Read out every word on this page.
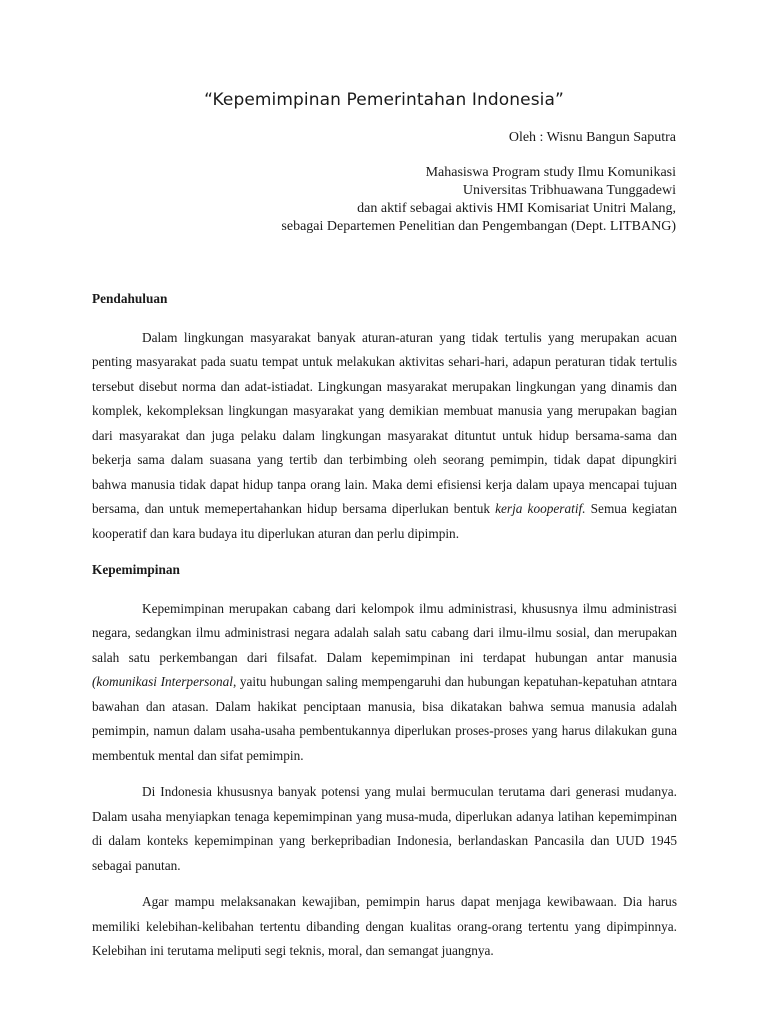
“Kepemimpinan Pemerintahan Indonesia”
Oleh : Wisnu Bangun Saputra
Mahasiswa Program study Ilmu Komunikasi
Universitas Tribhuawana Tunggadewi
dan aktif sebagai aktivis HMI Komisariat Unitri Malang,
sebagai Departemen Penelitian dan Pengembangan (Dept. LITBANG)
Pendahuluan

Dalam lingkungan masyarakat banyak aturan-aturan yang tidak tertulis yang merupakan acuan penting masyarakat pada suatu tempat untuk melakukan aktivitas sehari-hari, adapun peraturan tidak tertulis tersebut disebut norma dan adat-istiadat. Lingkungan masyarakat merupakan lingkungan yang dinamis dan komplek, kekompleksan lingkungan masyarakat yang demikian membuat manusia yang merupakan bagian dari masyarakat dan juga pelaku dalam lingkungan masyarakat dituntut untuk hidup bersama-sama dan bekerja sama dalam suasana yang tertib dan terbimbing oleh seorang pemimpin, tidak dapat dipungkiri bahwa manusia tidak dapat hidup tanpa orang lain. Maka demi efisiensi kerja dalam upaya mencapai tujuan bersama, dan untuk memepertahankan hidup bersama diperlukan bentuk kerja kooperatif. Semua kegiatan kooperatif dan kara budaya itu diperlukan aturan dan perlu dipimpin.

Kepemimpinan

Kepemimpinan merupakan cabang dari kelompok ilmu administrasi, khususnya ilmu administrasi negara, sedangkan ilmu administrasi negara adalah salah satu cabang dari ilmu-ilmu sosial, dan merupakan salah satu perkembangan dari filsafat. Dalam kepemimpinan ini terdapat hubungan antar manusia (komunikasi Interpersonal, yaitu hubungan saling mempengaruhi dan hubungan kepatuhan-kepatuhan atntara bawahan dan atasan. Dalam hakikat penciptaan manusia, bisa dikatakan bahwa semua manusia adalah pemimpin, namun dalam usaha-usaha pembentukannya diperlukan proses-proses yang harus dilakukan guna membentuk mental dan sifat pemimpin.

Di Indonesia khususnya banyak potensi yang mulai bermuculan terutama dari generasi mudanya. Dalam usaha menyiapkan tenaga kepemimpinan yang musa-muda, diperlukan adanya latihan kepemimpinan di dalam konteks kepemimpinan yang berkepribadian Indonesia, berlandaskan Pancasila dan UUD 1945 sebagai panutan.

Agar mampu melaksanakan kewajiban, pemimpin harus dapat menjaga kewibawaan. Dia harus memiliki kelebihan-kelibahan tertentu dibanding dengan kualitas orang-orang tertentu yang dipimpinnya. Kelebihan ini terutama meliputi segi teknis, moral, dan semangat juangnya.
